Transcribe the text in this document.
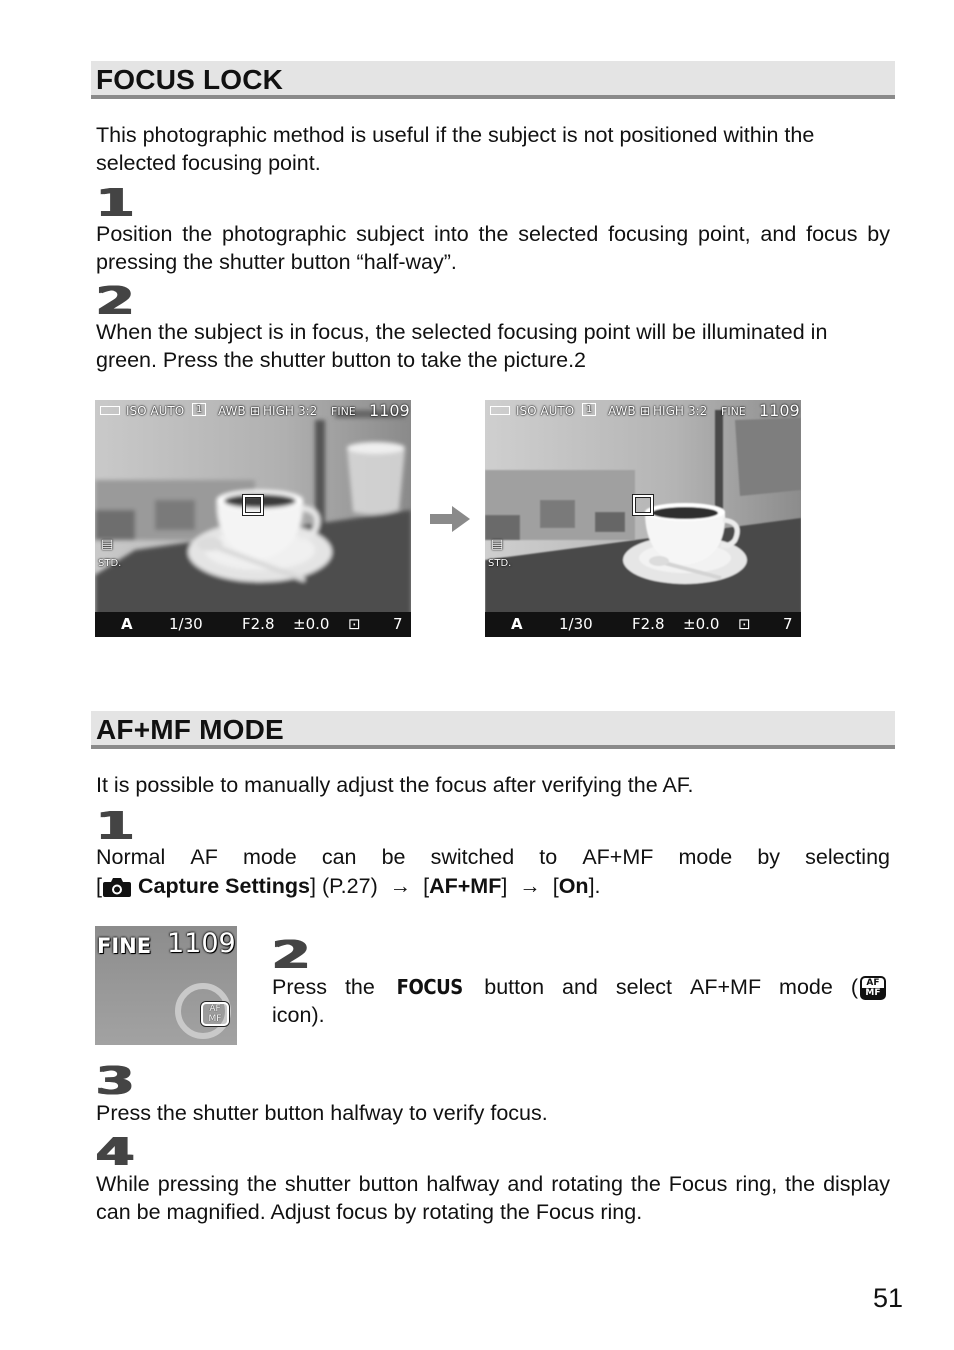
FOCUS LOCK

This photographic method is useful if the subject is not positioned within the selected focusing point.

1

Position the photographic subject into the selected focusing point, and focus by pressing the shutter button “half-way”.

2

When the subject is in focus, the selected focusing point will be illuminated in green. Press the shutter button to take the picture.2

ISO AUTO	1	AWB ⊞ HIGH 3:2 FINE 1109
▤
STD.
A 1/30	F2.8 ±0.0 ⊡ 7
ISO AUTO	1	AWB ⊞ HIGH 3:2 FINE 1109
▤
STD.
A 1/30	F2.8 ±0.0 ⊡ 7
AF+MF MODE

It is possible to manually adjust the focus after verifying the AF.

1
Normal AF mode can be switched to AF+MF mode by selecting
[ Capture Settings] (P.27)  →  [AF+MF]  →  [On].
FINE 1109
AF
MF
2
Press the FOCUS button and select AF+MF mode ( AF
MF
icon).
3

Press the shutter button halfway to verify focus.

4

While pressing the shutter button halfway and rotating the Focus ring, the display can be magnified. Adjust focus by rotating the Focus ring.

51
